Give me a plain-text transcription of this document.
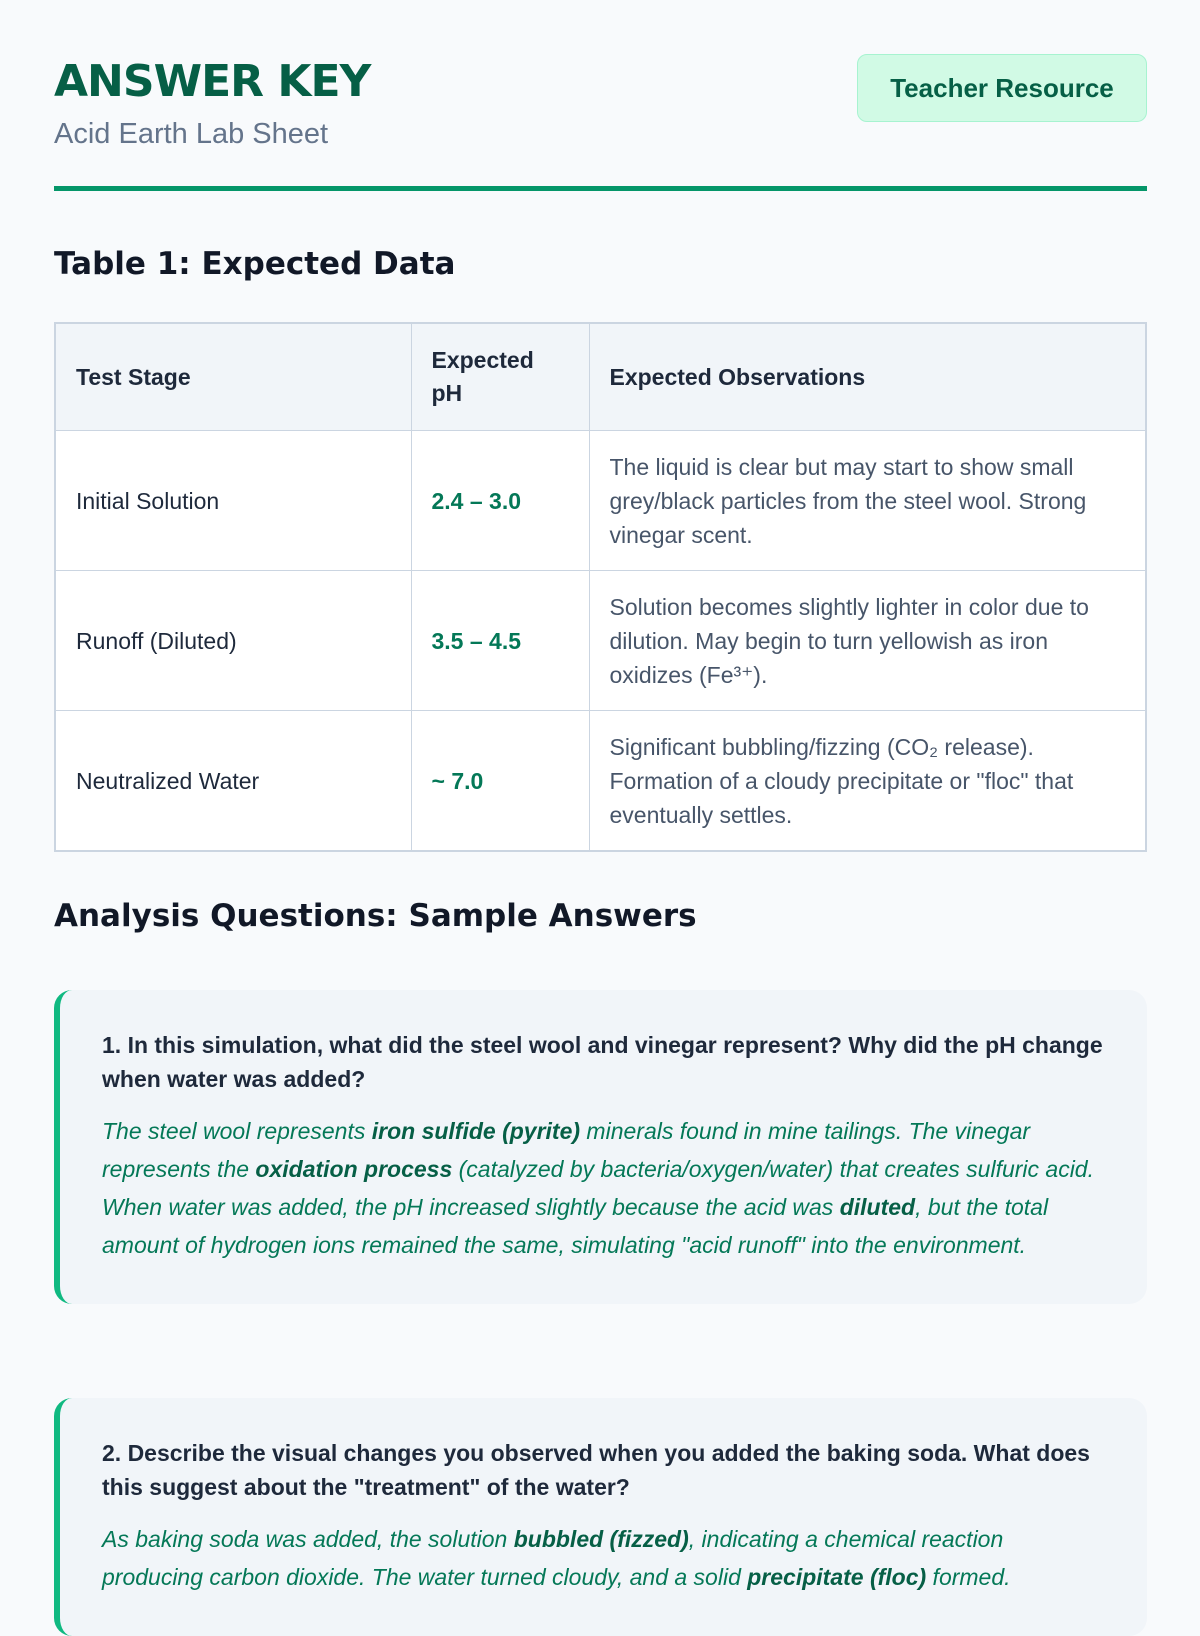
ANSWER KEY
Acid Earth Lab Sheet
Teacher Resource
Table 1: Expected Data
Test Stage	Expected pH	Expected Observations
Initial Solution	2.4 – 3.0	The liquid is clear but may start to show small grey/black particles from the steel wool. Strong vinegar scent.
Runoff (Diluted)	3.5 – 4.5	Solution becomes slightly lighter in color due to dilution. May begin to turn yellowish as iron oxidizes (Fe³⁺).
Neutralized Water	~ 7.0	Significant bubbling/fizzing (CO₂ release). Formation of a cloudy precipitate or "floc" that eventually settles.
Analysis Questions: Sample Answers

1. In this simulation, what did the steel wool and vinegar represent? Why did the pH change when water was added?

The steel wool represents iron sulfide (pyrite) minerals found in mine tailings. The vinegar represents the oxidation process (catalyzed by bacteria/oxygen/water) that creates sulfuric acid. When water was added, the pH increased slightly because the acid was diluted, but the total amount of hydrogen ions remained the same, simulating "acid runoff" into the environment.

2. Describe the visual changes you observed when you added the baking soda. What does this suggest about the "treatment" of the water?

As baking soda was added, the solution bubbled (fizzed), indicating a chemical reaction producing carbon dioxide. The water turned cloudy, and a solid precipitate (floc) formed.
